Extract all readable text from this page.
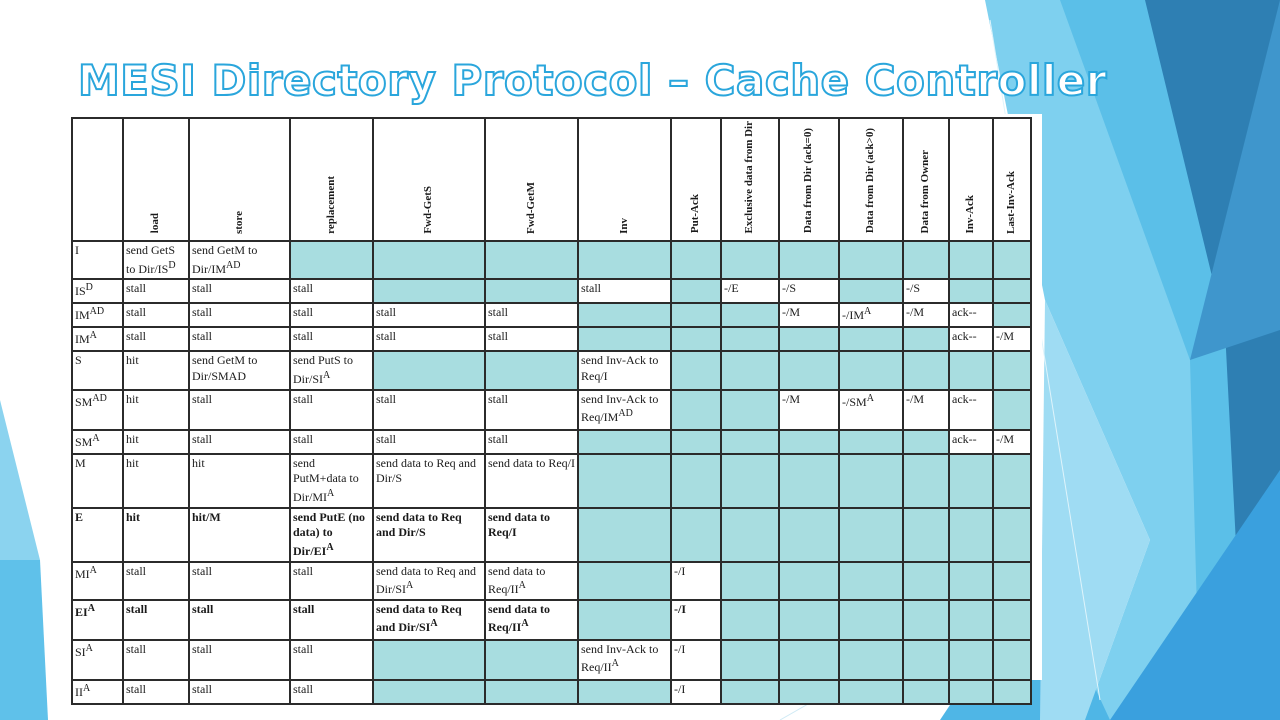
MESI Directory Protocol – Cache Controller
	load	store	replacement	Fwd-GetS	Fwd-GetM	Inv	Put-Ack	Exclusive data from Dir	Data from Dir (ack=0)	Data from Dir (ack>0)	Data from Owner	Inv-Ack	Last-Inv-Ack
I	send GetS to Dir/$IS^D$	send GetM to Dir/$IM^{AD}$											
$IS^D$	stall	stall	stall			stall		-/E	-/S		-/S		
$IM^{AD}$	stall	stall	stall	stall	stall				-/M	$-/IM^A$	-/M	ack--	
$IM^A$	stall	stall	stall	stall	stall							ack--	-/M
S	hit	send GetM to Dir/SMAD	send PutS to Dir/$SI^A$			send Inv-Ack to Req/I							
$SM^{AD}$	hit	stall	stall	stall	stall	send Inv-Ack to Req/$IM^{AD}$			-/M	$-/SM^A$	-/M	ack--	
$SM^A$	hit	stall	stall	stall	stall							ack--	-/M
M	hit	hit	send PutM+data to Dir/$MI^A$	send data to Req and Dir/S	send data to Req/I								
E	hit	hit/M	send PutE (no data) to Dir/$EI^A$	send data to Req and Dir/S	send data to Req/I								
$MI^A$	stall	stall	stall	send data to Req and Dir/$SI^A$	send data to Req/$II^A$		-/I						
$EI^A$	stall	stall	stall	send data to Req and Dir/$SI^A$	send data to Req/$II^A$		-/I						
$SI^A$	stall	stall	stall			send Inv-Ack to Req/$II^A$	-/I						
$II^A$	stall	stall	stall				-/I						
